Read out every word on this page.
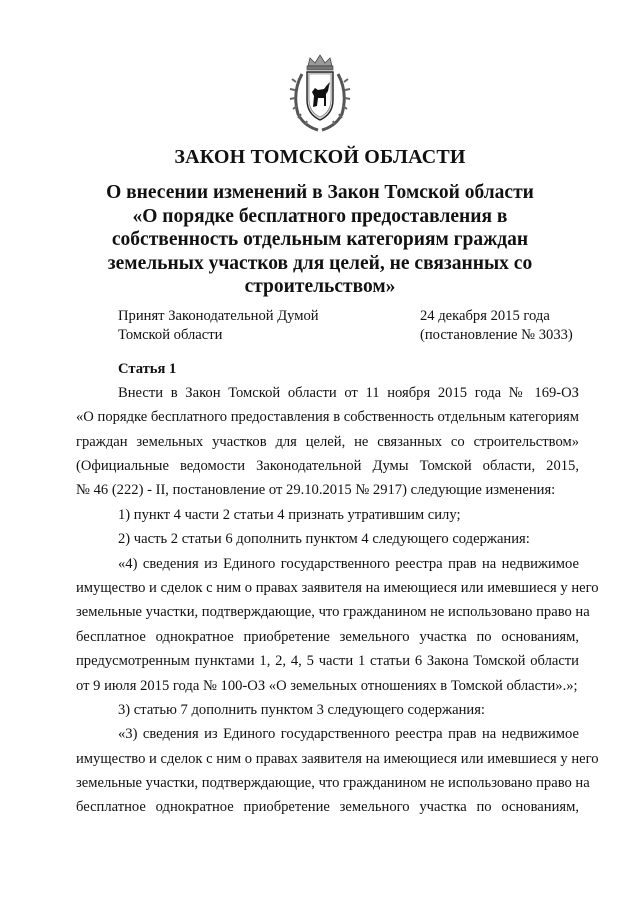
ЗАКОН ТОМСКОЙ ОБЛАСТИ
О внесении изменений в Закон Томской области
«О порядке бесплатного предоставления в
собственность отдельным категориям граждан
земельных участков для целей, не связанных со
строительством»
Принят Законодательной Думой
Томской области
24 декабря 2015 года
(постановление № 3033)
Статья 1
Внести в Закон Томской области от 11 ноября 2015 года № 169-ОЗ
«О порядке бесплатного предоставления в собственность отдельным категориям
граждан земельных участков для целей, не связанных со строительством»
(Официальные ведомости Законодательной Думы Томской области, 2015,
№ 46 (222) - II, постановление от 29.10.2015 № 2917) следующие изменения:
1) пункт 4 части 2 статьи 4 признать утратившим силу;
2) часть 2 статьи 6 дополнить пунктом 4 следующего содержания:
«4) сведения из Единого государственного реестра прав на недвижимое
имущество и сделок с ним о правах заявителя на имеющиеся или имевшиеся у него
земельные участки, подтверждающие, что гражданином не использовано право на
бесплатное однократное приобретение земельного участка по основаниям,
предусмотренным пунктами 1, 2, 4, 5 части 1 статьи 6 Закона Томской области
от 9 июля 2015 года № 100-ОЗ «О земельных отношениях в Томской области».»;
3) статью 7 дополнить пунктом 3 следующего содержания:
«3) сведения из Единого государственного реестра прав на недвижимое
имущество и сделок с ним о правах заявителя на имеющиеся или имевшиеся у него
земельные участки, подтверждающие, что гражданином не использовано право на
бесплатное однократное приобретение земельного участка по основаниям,
